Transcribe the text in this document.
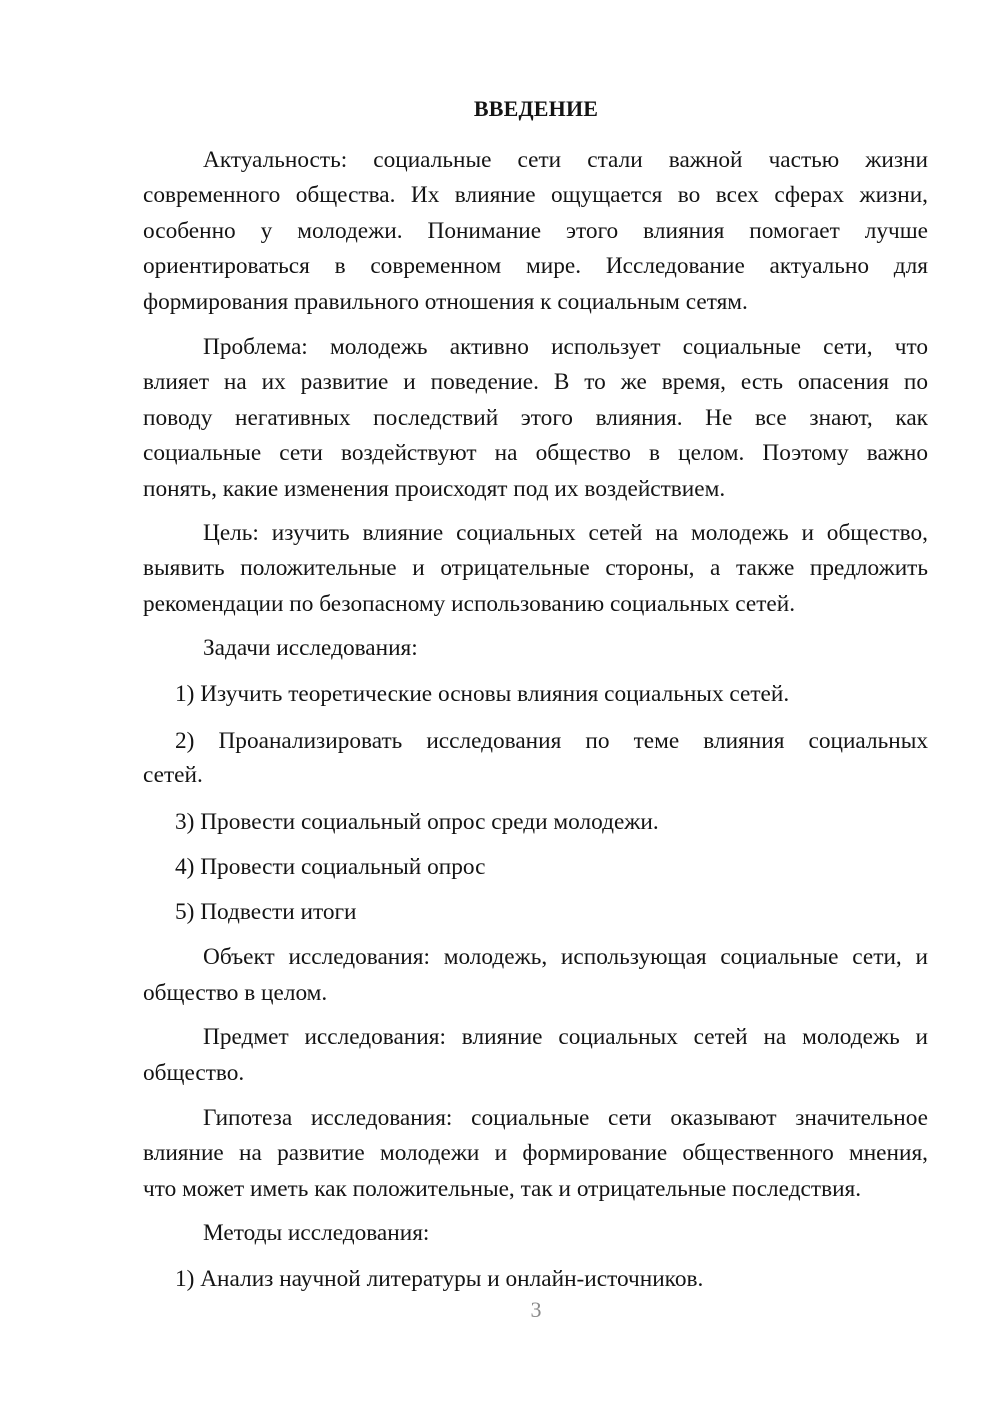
ВВЕДЕНИЕ
Актуальность: социальные сети стали важной частью жизни
современного общества. Их влияние ощущается во всех сферах жизни,
особенно у молодежи. Понимание этого влияния помогает лучше
ориентироваться в современном мире. Исследование актуально для
формирования правильного отношения к социальным сетям.
Проблема: молодежь активно использует социальные сети, что
влияет на их развитие и поведение. В то же время, есть опасения по
поводу негативных последствий этого влияния. Не все знают, как
социальные сети воздействуют на общество в целом. Поэтому важно
понять, какие изменения происходят под их воздействием.
Цель: изучить влияние социальных сетей на молодежь и общество,
выявить положительные и отрицательные стороны, а также предложить
рекомендации по безопасному использованию социальных сетей.
Задачи исследования:
1) Изучить теоретические основы влияния социальных сетей.
2) Проанализировать исследования по теме влияния социальных
сетей.
3) Провести социальный опрос среди молодежи.
4) Провести социальный опрос
5) Подвести итоги
Объект исследования: молодежь, использующая социальные сети, и
общество в целом.
Предмет исследования: влияние социальных сетей на молодежь и
общество.
Гипотеза исследования: социальные сети оказывают значительное
влияние на развитие молодежи и формирование общественного мнения,
что может иметь как положительные, так и отрицательные последствия.
Методы исследования:
1) Анализ научной литературы и онлайн-источников.
3
